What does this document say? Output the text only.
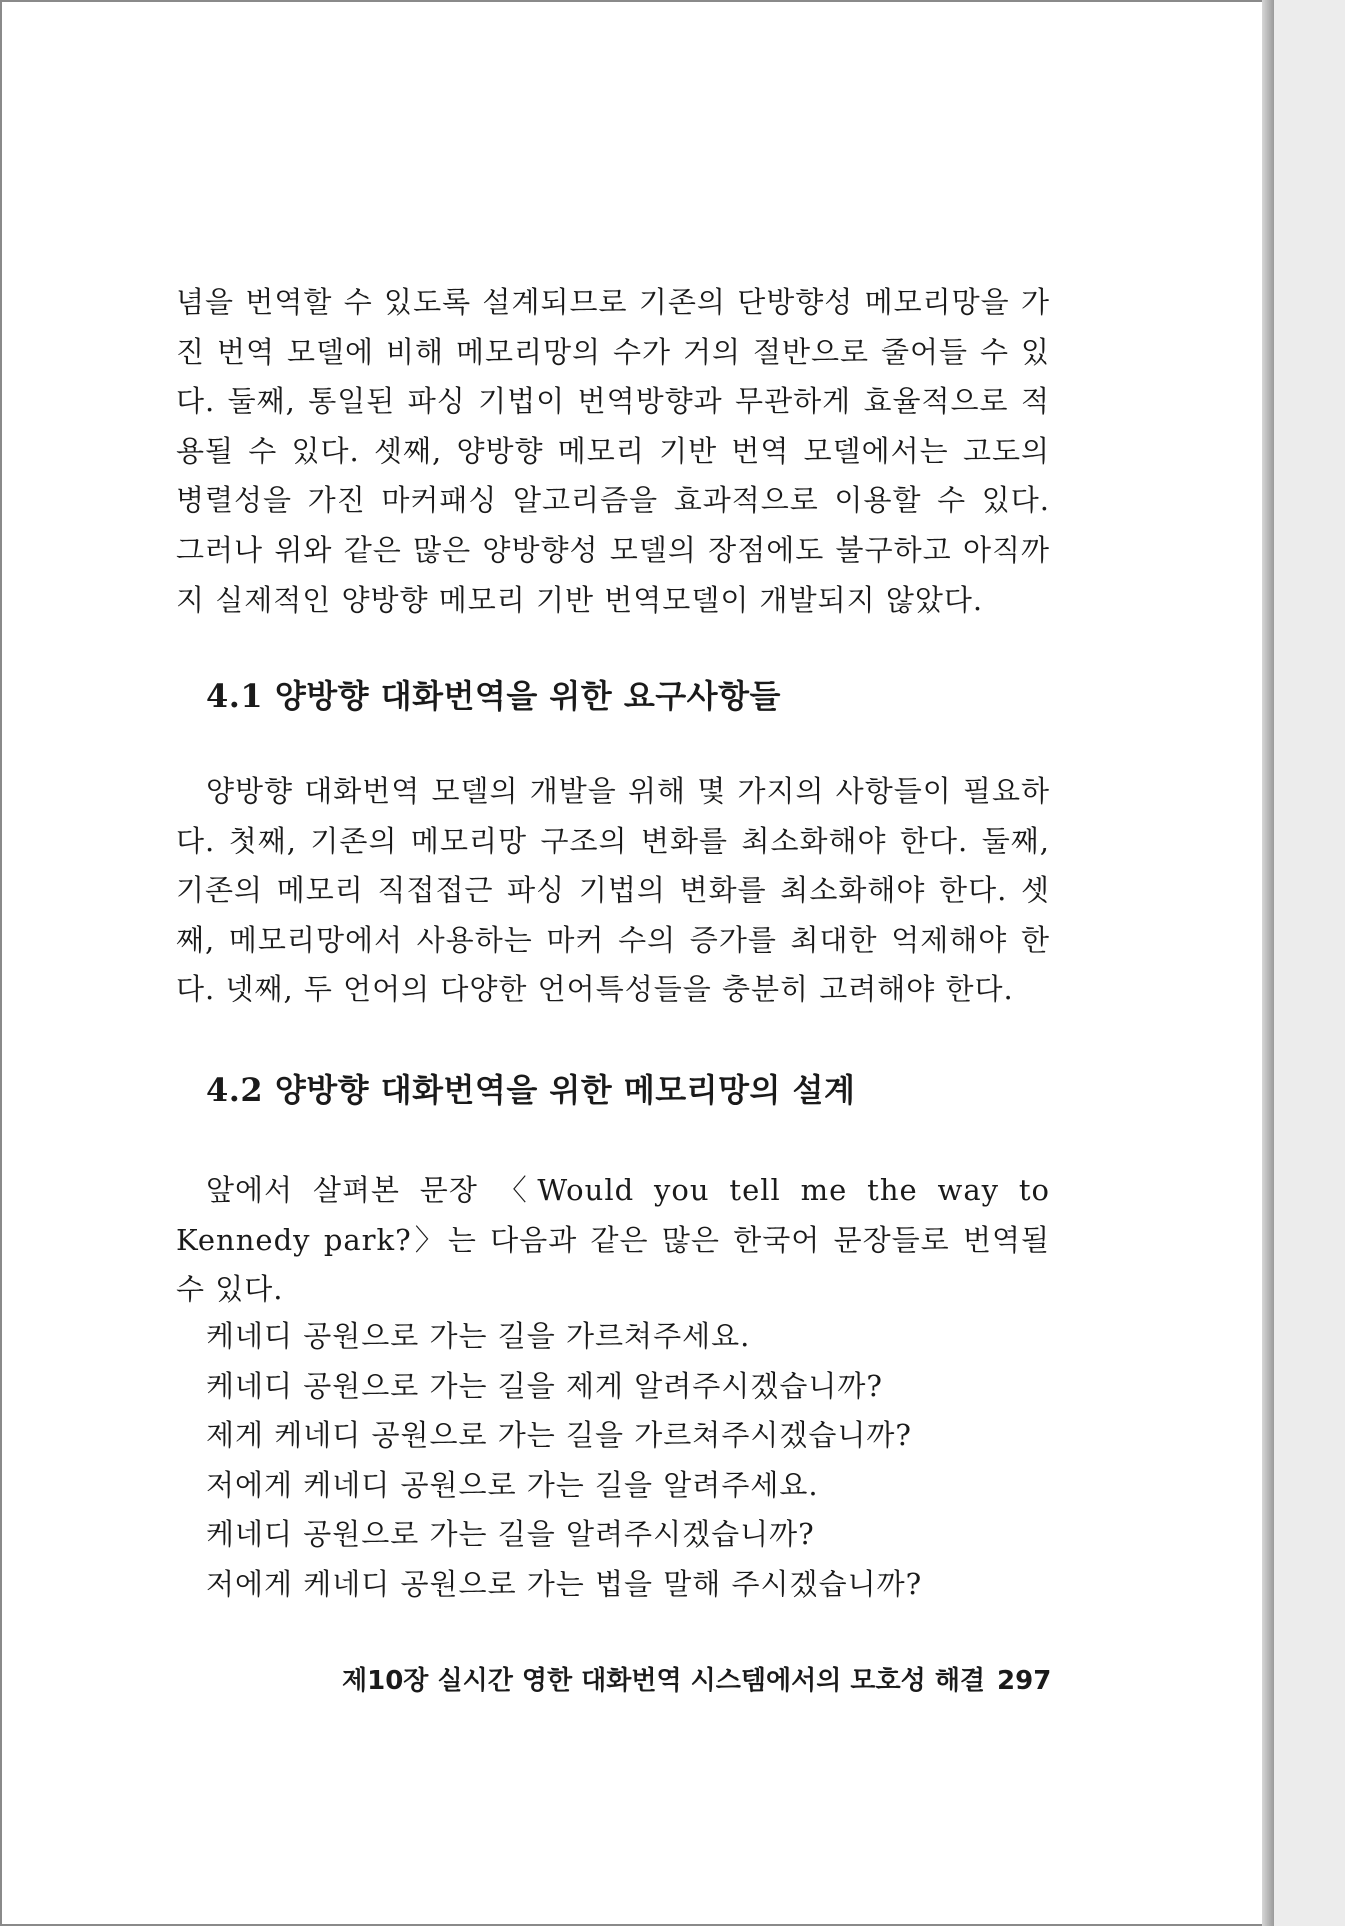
념을 번역할 수 있도록 설계되므로 기존의 단방향성 메모리망을 가진 번역 모델에 비해 메모리망의 수가 거의 절반으로 줄어들 수 있다. 둘째, 통일된 파싱 기법이 번역방향과 무관하게 효율적으로 적용될 수 있다. 셋째, 양방향 메모리 기반 번역 모델에서는 고도의 병렬성을 가진 마커패싱 알고리즘을 효과적으로 이용할 수 있다. 그러나 위와 같은 많은 양방향성 모델의 장점에도 불구하고 아직까지 실제적인 양방향 메모리 기반 번역모델이 개발되지 않았다.

4.1 양방향 대화번역을 위한 요구사항들

양방향 대화번역 모델의 개발을 위해 몇 가지의 사항들이 필요하다. 첫째, 기존의 메모리망 구조의 변화를 최소화해야 한다. 둘째, 기존의 메모리 직접접근 파싱 기법의 변화를 최소화해야 한다. 셋째, 메모리망에서 사용하는 마커 수의 증가를 최대한 억제해야 한다. 넷째, 두 언어의 다양한 언어특성들을 충분히 고려해야 한다.

4.2 양방향 대화번역을 위한 메모리망의 설계

앞에서 살펴본 문장 〈Would you tell me the way to Kennedy park?〉는 다음과 같은 많은 한국어 문장들로 번역될 수 있다.

케네디 공원으로 가는 길을 가르쳐주세요.
케네디 공원으로 가는 길을 제게 알려주시겠습니까?
제게 케네디 공원으로 가는 길을 가르쳐주시겠습니까?
저에게 케네디 공원으로 가는 길을 알려주세요.
케네디 공원으로 가는 길을 알려주시겠습니까?
저에게 케네디 공원으로 가는 법을 말해 주시겠습니까?
제10장 실시간 영한 대화번역 시스템에서의 모호성 해결 297
